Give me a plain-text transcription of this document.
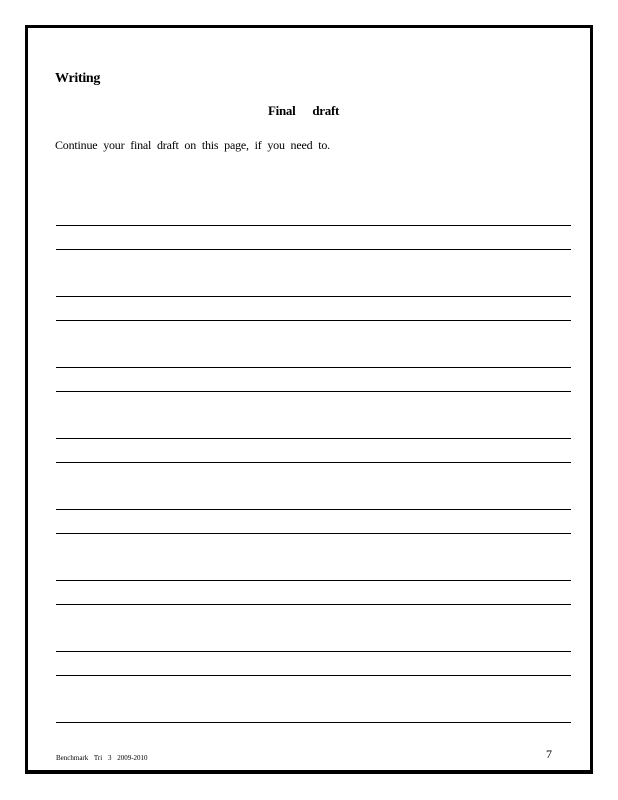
Writing
Final draft
Continue your final draft on this page, if you need to.
Benchmark Tri 3 2009-2010	7
